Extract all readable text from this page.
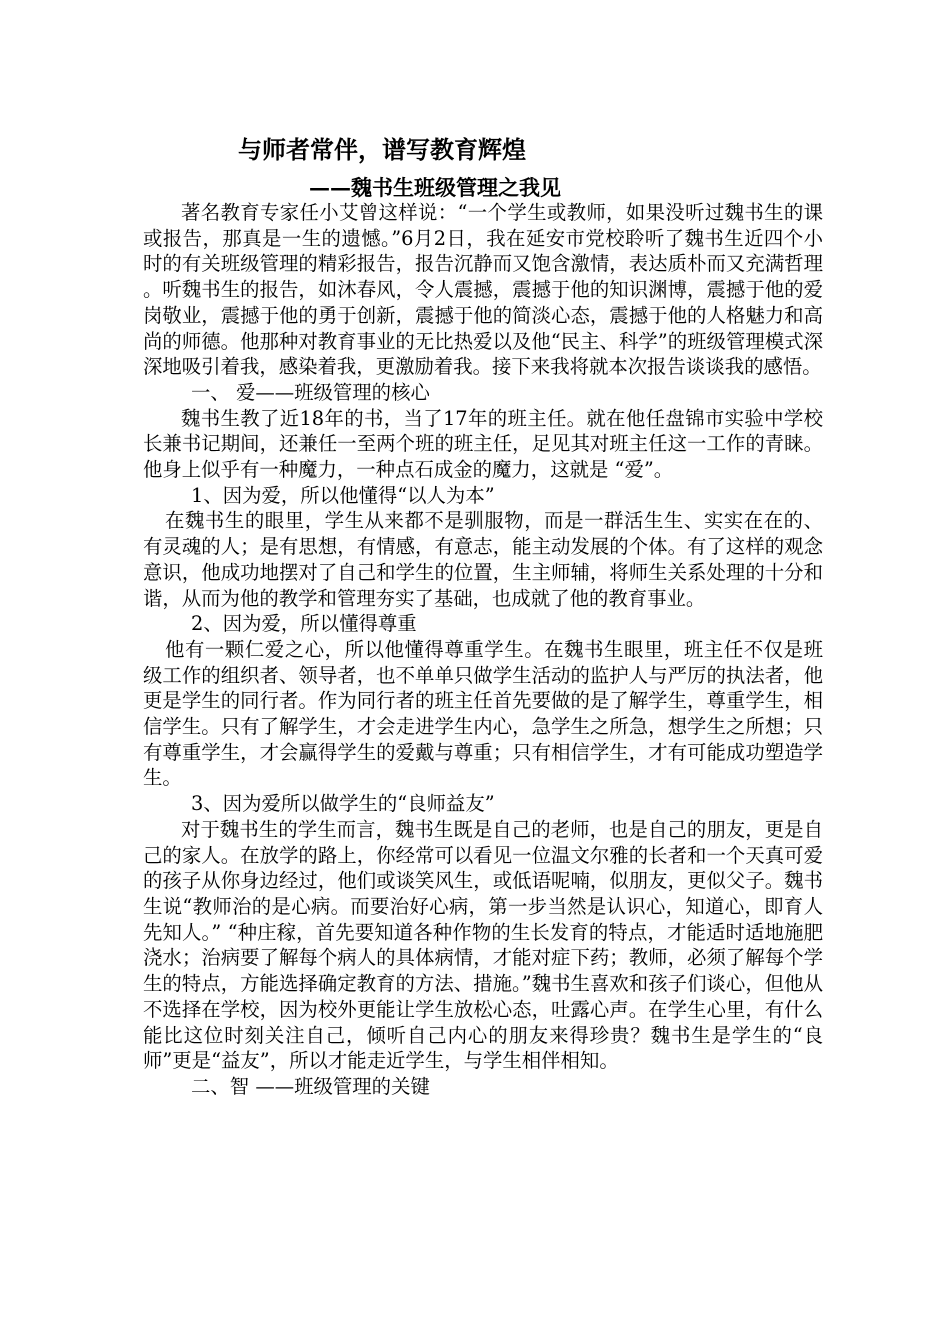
与师者常伴，谱写教育辉煌
——魏书生班级管理之我见

著名教育专家任小艾曾这样说：“一个学生或教师，如果没听过魏书生的课或报告，那真是一生的遗憾。”6月2日，我在延安市党校聆听了魏书生近四个小时的有关班级管理的精彩报告，报告沉静而又饱含激情，表达质朴而又充满哲理 。听魏书生的报告，如沐春风，令人震撼，震撼于他的知识渊博，震撼于他的爱岗敬业，震撼于他的勇于创新，震撼于他的简淡心态，震撼于他的人格魅力和高尚的师德。他那种对教育事业的无比热爱以及他“民主、科学”的班级管理模式深深地吸引着我，感染着我，更激励着我。接下来我将就本次报告谈谈我的感悟。

一、 爱——班级管理的核心

魏书生教了近18年的书，当了17年的班主任。就在他任盘锦市实验中学校长兼书记期间，还兼任一至两个班的班主任，足见其对班主任这一工作的青睐。他身上似乎有一种魔力，一种点石成金的魔力，这就是 “爱”。

1、因为爱，所以他懂得“以人为本”

在魏书生的眼里，学生从来都不是驯服物，而是一群活生生、实实在在的、有灵魂的人；是有思想，有情感，有意志，能主动发展的个体。有了这样的观念意识，他成功地摆对了自己和学生的位置，生主师辅，将师生关系处理的十分和谐，从而为他的教学和管理夯实了基础，也成就了他的教育事业。

2、因为爱，所以懂得尊重

他有一颗仁爱之心，所以他懂得尊重学生。在魏书生眼里，班主任不仅是班级工作的组织者、领导者，也不单单只做学生活动的监护人与严厉的执法者，他更是学生的同行者。作为同行者的班主任首先要做的是了解学生，尊重学生，相信学生。只有了解学生，才会走进学生内心，急学生之所急，想学生之所想；只有尊重学生，才会赢得学生的爱戴与尊重；只有相信学生，才有可能成功塑造学生。

3、因为爱所以做学生的“良师益友”

对于魏书生的学生而言，魏书生既是自己的老师，也是自己的朋友，更是自己的家人。在放学的路上，你经常可以看见一位温文尔雅的长者和一个天真可爱的孩子从你身边经过，他们或谈笑风生，或低语呢喃，似朋友，更似父子。魏书生说“教师治的是心病。而要治好心病，第一步当然是认识心，知道心，即育人先知人。” “种庄稼，首先要知道各种作物的生长发育的特点，才能适时适地施肥浇水；治病要了解每个病人的具体病情，才能对症下药；教师，必须了解每个学生的特点，方能选择确定教育的方法、措施。”魏书生喜欢和孩子们谈心，但他从不选择在学校，因为校外更能让学生放松心态，吐露心声。在学生心里，有什么能比这位时刻关注自己，倾听自己内心的朋友来得珍贵？魏书生是学生的“良师”更是“益友”，所以才能走近学生，与学生相伴相知。

二、智 ——班级管理的关键
